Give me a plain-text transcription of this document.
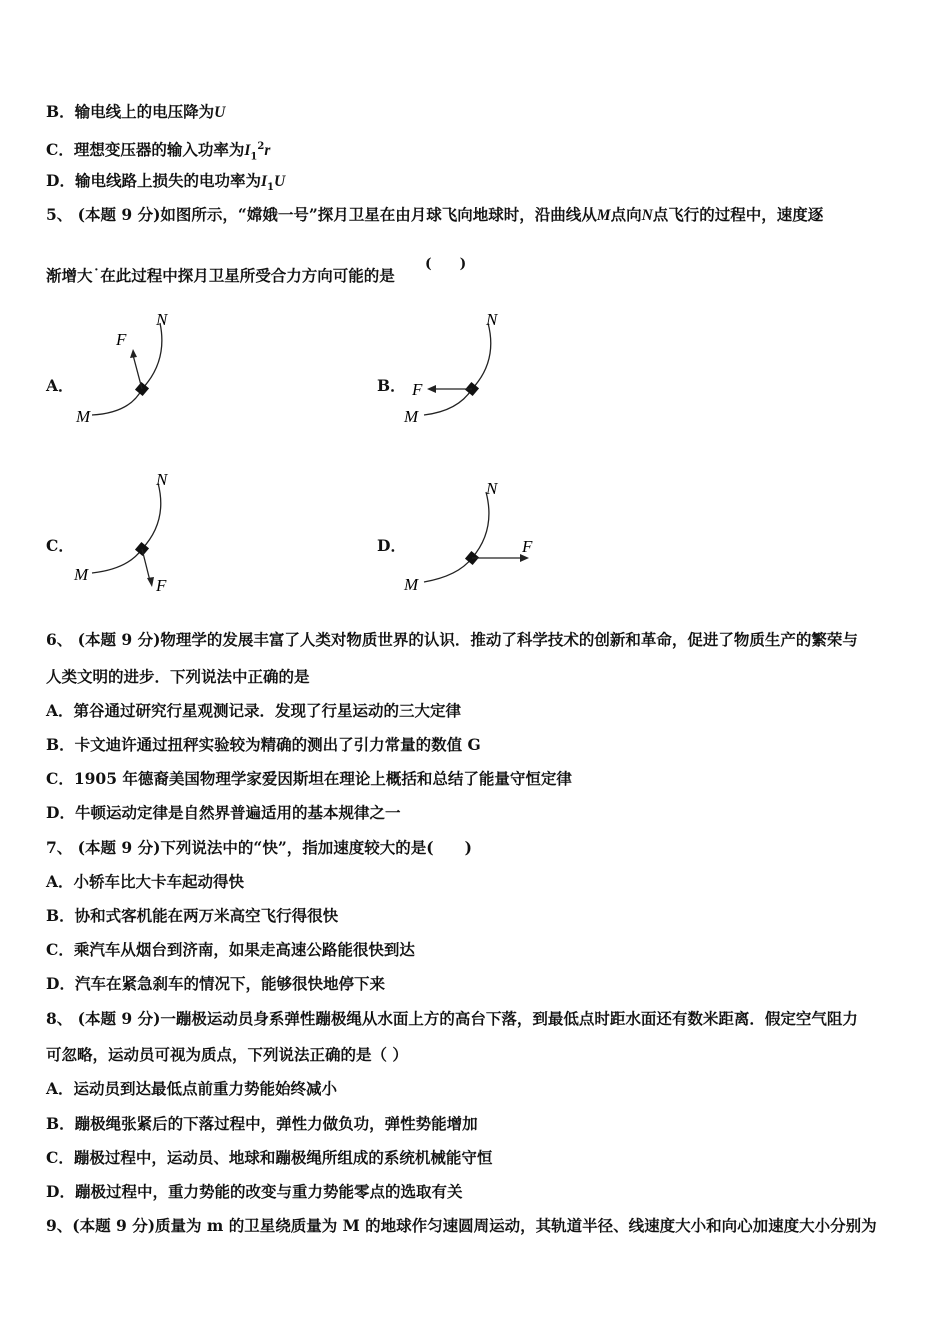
B．输电线上的电压降为U
C．理想变压器的输入功率为$I_1^2r$
D．输电线路上损失的电功率为$I_1U$
5、 (本题 9 分)如图所示，“嫦娥一号”探月卫星在由月球飞向地球时，沿曲线从M点向N点飞行的过程中，速度逐
渐增大˙在此过程中探月卫星所受合力方向可能的是
(　　)
A．
F
N
M
B． F
N
M
C．
F
N
M
D．	F
N
M
6、 (本题 9 分)物理学的发展丰富了人类对物质世界的认识．推动了科学技术的创新和革命，促进了物质生产的繁荣与
人类文明的进步．下列说法中正确的是
A．第谷通过研究行星观测记录．发现了行星运动的三大定律
B．卡文迪许通过扭秤实验较为精确的测出了引力常量的数值 G
C．1905 年德裔美国物理学家爱因斯坦在理论上概括和总结了能量守恒定律
D．牛顿运动定律是自然界普遍适用的基本规律之一
7、 (本题 9 分)下列说法中的“快”，指加速度较大的是(　　)
A．小轿车比大卡车起动得快
B．协和式客机能在两万米高空飞行得很快
C．乘汽车从烟台到济南，如果走高速公路能很快到达
D．汽车在紧急刹车的情况下，能够很快地停下来
8、 (本题 9 分)一蹦极运动员身系弹性蹦极绳从水面上方的高台下落，到最低点时距水面还有数米距离．假定空气阻力
可忽略，运动员可视为质点，下列说法正确的是（ ）
A．运动员到达最低点前重力势能始终减小
B．蹦极绳张紧后的下落过程中，弹性力做负功，弹性势能增加
C．蹦极过程中，运动员、地球和蹦极绳所组成的系统机械能守恒
D．蹦极过程中，重力势能的改变与重力势能零点的选取有关
9、(本题 9 分)质量为 m 的卫星绕质量为 M 的地球作匀速圆周运动，其轨道半径、线速度大小和向心加速度大小分别为
